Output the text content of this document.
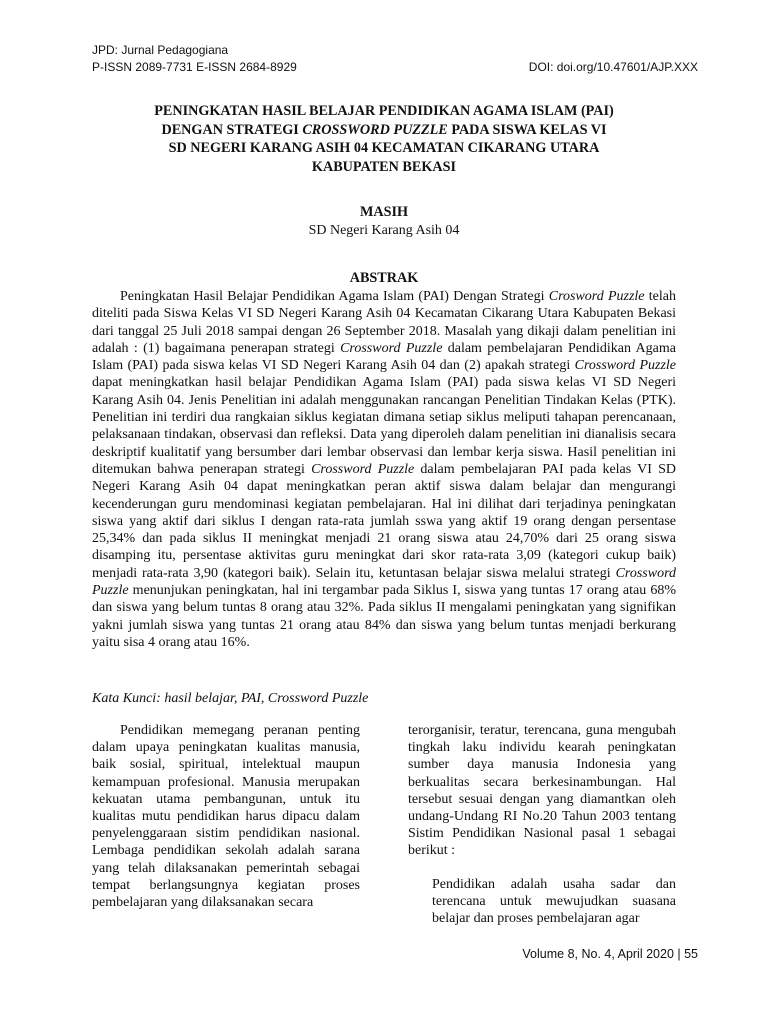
JPD: Jurnal Pedagogiana
P-ISSN 2089-7731 E-ISSN 2684-8929	DOI: doi.org/10.47601/AJP.XXX
PENINGKATAN HASIL BELAJAR PENDIDIKAN AGAMA ISLAM (PAI)
DENGAN STRATEGI CROSSWORD PUZZLE PADA SISWA KELAS VI
SD NEGERI KARANG ASIH 04 KECAMATAN CIKARANG UTARA
KABUPATEN BEKASI
MASIH
SD Negeri Karang Asih 04
ABSTRAK

Peningkatan Hasil Belajar Pendidikan Agama Islam (PAI) Dengan Strategi Crosword Puzzle telah diteliti pada Siswa Kelas VI SD Negeri Karang Asih 04 Kecamatan Cikarang Utara Kabupaten Bekasi dari tanggal 25 Juli 2018 sampai dengan 26 September 2018. Masalah yang dikaji dalam penelitian ini adalah : (1) bagaimana penerapan strategi Crossword Puzzle dalam pembelajaran Pendidikan Agama Islam (PAI) pada siswa kelas VI SD Negeri Karang Asih 04 dan (2) apakah strategi Crossword Puzzle dapat meningkatkan hasil belajar Pendidikan Agama Islam (PAI) pada siswa kelas VI SD Negeri Karang Asih 04. Jenis Penelitian ini adalah menggunakan rancangan Penelitian Tindakan Kelas (PTK). Penelitian ini terdiri dua rangkaian siklus kegiatan dimana setiap siklus meliputi tahapan perencanaan, pelaksanaan tindakan, observasi dan refleksi. Data yang diperoleh dalam penelitian ini dianalisis secara deskriptif kualitatif yang bersumber dari lembar observasi dan lembar kerja siswa. Hasil penelitian ini ditemukan bahwa penerapan strategi Crossword Puzzle dalam pembelajaran PAI pada kelas VI SD Negeri Karang Asih 04 dapat meningkatkan peran aktif siswa dalam belajar dan mengurangi kecenderungan guru mendominasi kegiatan pembelajaran. Hal ini dilihat dari terjadinya peningkatan siswa yang aktif dari siklus I dengan rata-rata jumlah sswa yang aktif 19 orang dengan persentase 25,34% dan pada siklus II meningkat menjadi 21 orang siswa atau 24,70% dari 25 orang siswa disamping itu, persentase aktivitas guru meningkat dari skor rata-rata 3,09 (kategori cukup baik) menjadi rata-rata 3,90 (kategori baik). Selain itu, ketuntasan belajar siswa melalui strategi Crossword Puzzle menunjukan peningkatan, hal ini tergambar pada Siklus I, siswa yang tuntas 17 orang atau 68% dan siswa yang belum tuntas 8 orang atau 32%. Pada siklus II mengalami peningkatan yang signifikan yakni jumlah siswa yang tuntas 21 orang atau 84% dan siswa yang belum tuntas menjadi berkurang yaitu sisa 4 orang atau 16%.

Kata Kunci: hasil belajar, PAI, Crossword Puzzle

Pendidikan memegang peranan penting dalam upaya peningkatan kualitas manusia, baik sosial, spiritual, intelektual maupun kemampuan profesional. Manusia merupakan kekuatan utama pembangunan, untuk itu kualitas mutu pendidikan harus dipacu dalam penyelenggaraan sistim pendidikan nasional. Lembaga pendidikan sekolah adalah sarana yang telah dilaksanakan pemerintah sebagai tempat berlangsungnya kegiatan proses pembelajaran yang dilaksanakan secara

terorganisir, teratur, terencana, guna mengubah tingkah laku individu kearah peningkatan sumber daya manusia Indonesia yang berkualitas secara berkesinambungan. Hal tersebut sesuai dengan yang diamantkan oleh undang-Undang RI No.20 Tahun 2003 tentang Sistim Pendidikan Nasional pasal 1 sebagai berikut :

Pendidikan adalah usaha sadar dan terencana untuk mewujudkan suasana belajar dan proses pembelajaran agar

Volume 8, No. 4, April 2020 | 55
